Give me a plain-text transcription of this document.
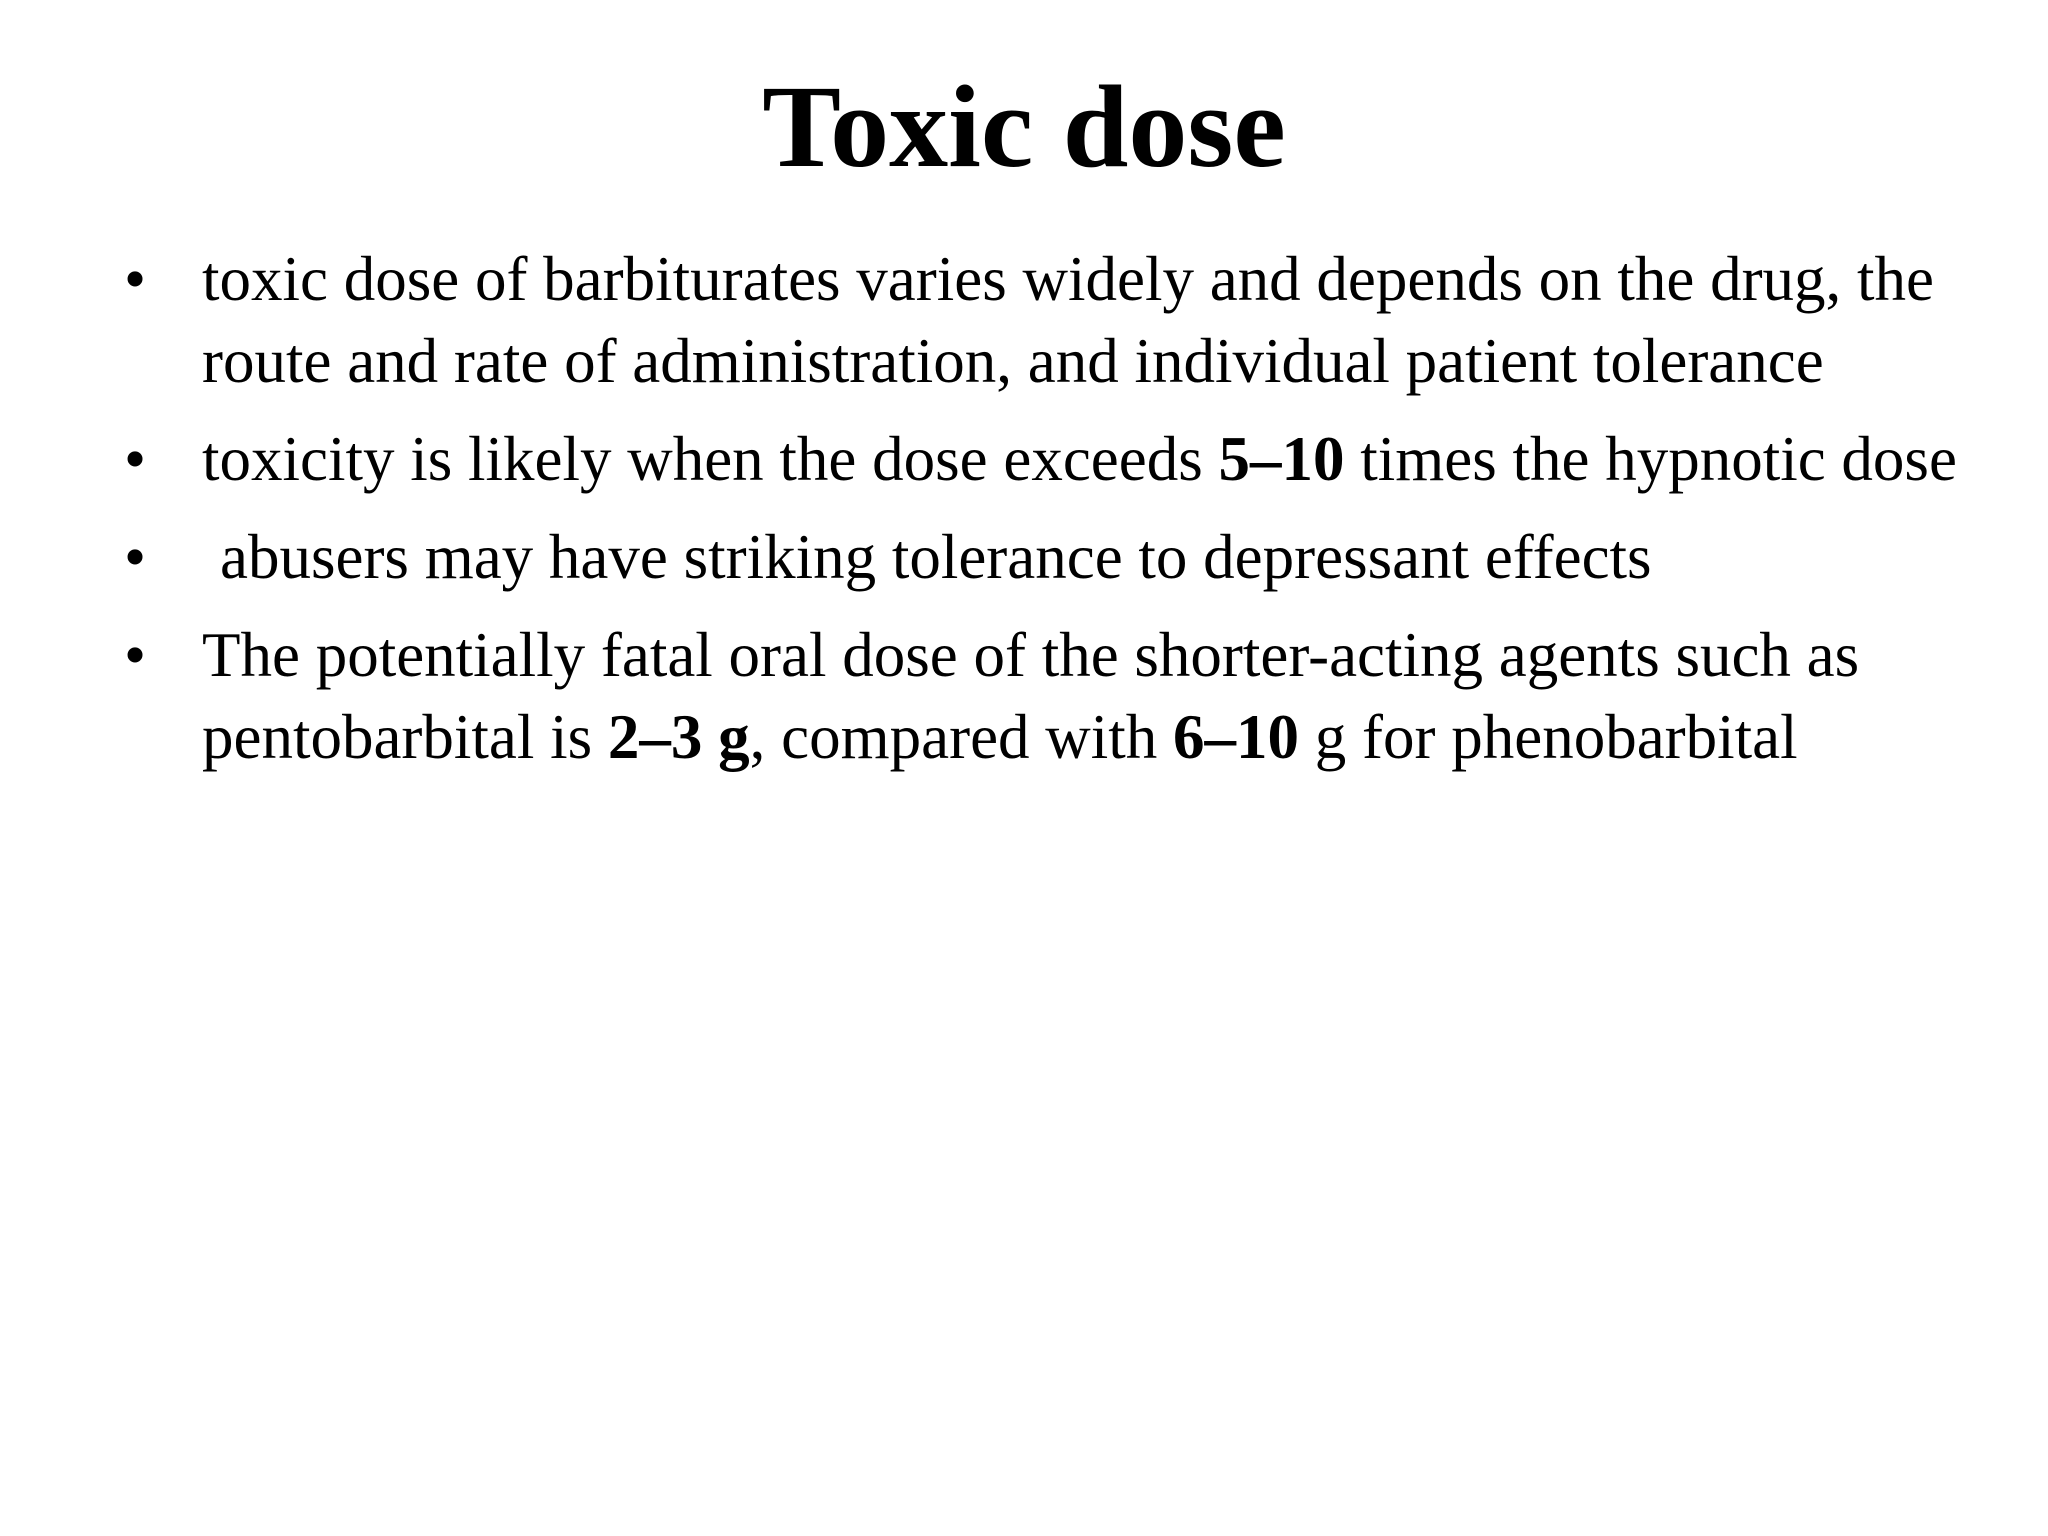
Toxic dose
• toxic dose of barbiturates varies widely and depends on the drug, the route and rate of administration, and individual patient tolerance
• toxicity is likely when the dose exceeds 5–10 times the hypnotic dose
• abusers may have striking tolerance to depressant effects
• The potentially fatal oral dose of the shorter-acting agents such as pentobarbital is 2–3 g, compared with 6–10 g for phenobarbital
